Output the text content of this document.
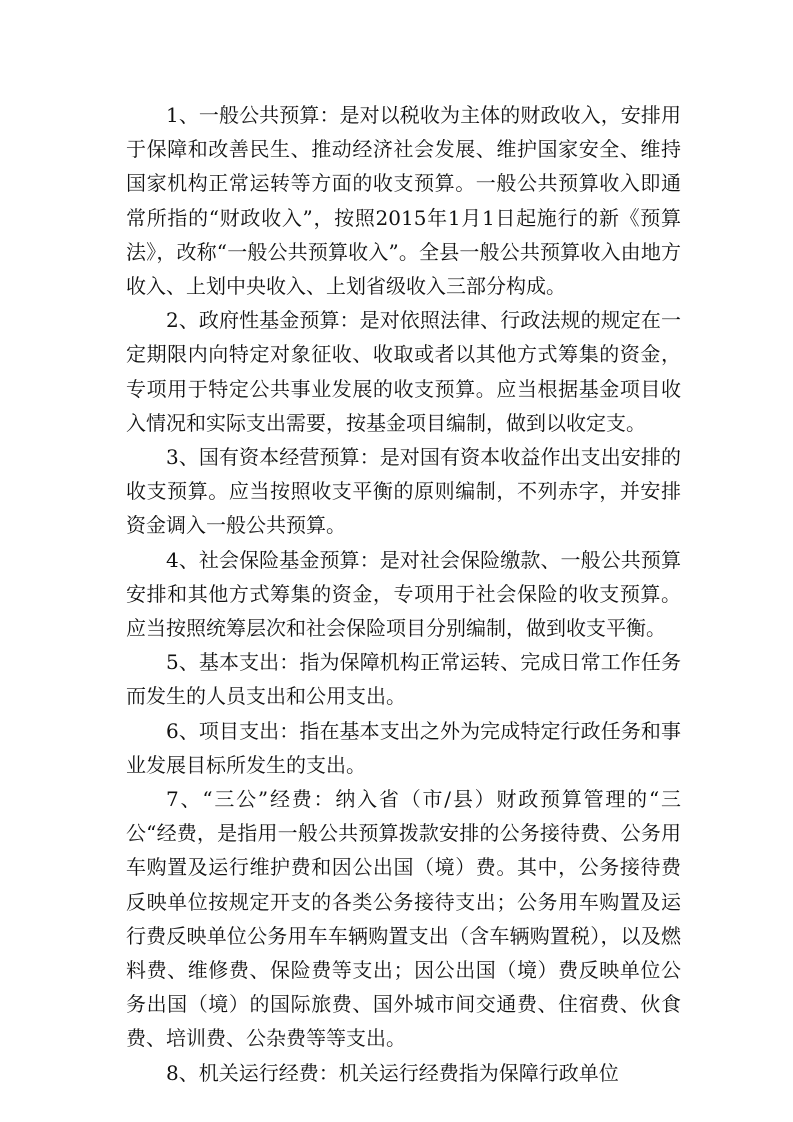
1、一般公共预算：是对以税收为主体的财政收入，安排用于保障和改善民生、推动经济社会发展、维护国家安全、维持国家机构正常运转等方面的收支预算。一般公共预算收入即通常所指的“财政收入”，按照2015年1月1日起施行的新《预算法》，改称“一般公共预算收入”。全县一般公共预算收入由地方收入、上划中央收入、上划省级收入三部分构成。

2、政府性基金预算：是对依照法律、行政法规的规定在一定期限内向特定对象征收、收取或者以其他方式筹集的资金，专项用于特定公共事业发展的收支预算。应当根据基金项目收入情况和实际支出需要，按基金项目编制，做到以收定支。

3、国有资本经营预算：是对国有资本收益作出支出安排的收支预算。应当按照收支平衡的原则编制，不列赤字，并安排资金调入一般公共预算。

4、社会保险基金预算：是对社会保险缴款、一般公共预算安排和其他方式筹集的资金，专项用于社会保险的收支预算。应当按照统筹层次和社会保险项目分别编制，做到收支平衡。

5、基本支出：指为保障机构正常运转、完成日常工作任务而发生的人员支出和公用支出。

6、项目支出：指在基本支出之外为完成特定行政任务和事业发展目标所发生的支出。

7、“三公”经费：纳入省（市/县）财政预算管理的“三公“经费，是指用一般公共预算拨款安排的公务接待费、公务用车购置及运行维护费和因公出国（境）费。其中，公务接待费反映单位按规定开支的各类公务接待支出；公务用车购置及运行费反映单位公务用车车辆购置支出（含车辆购置税），以及燃料费、维修费、保险费等支出；因公出国（境）费反映单位公务出国（境）的国际旅费、国外城市间交通费、住宿费、伙食费、培训费、公杂费等等支出。

8、机关运行经费：机关运行经费指为保障行政单位
